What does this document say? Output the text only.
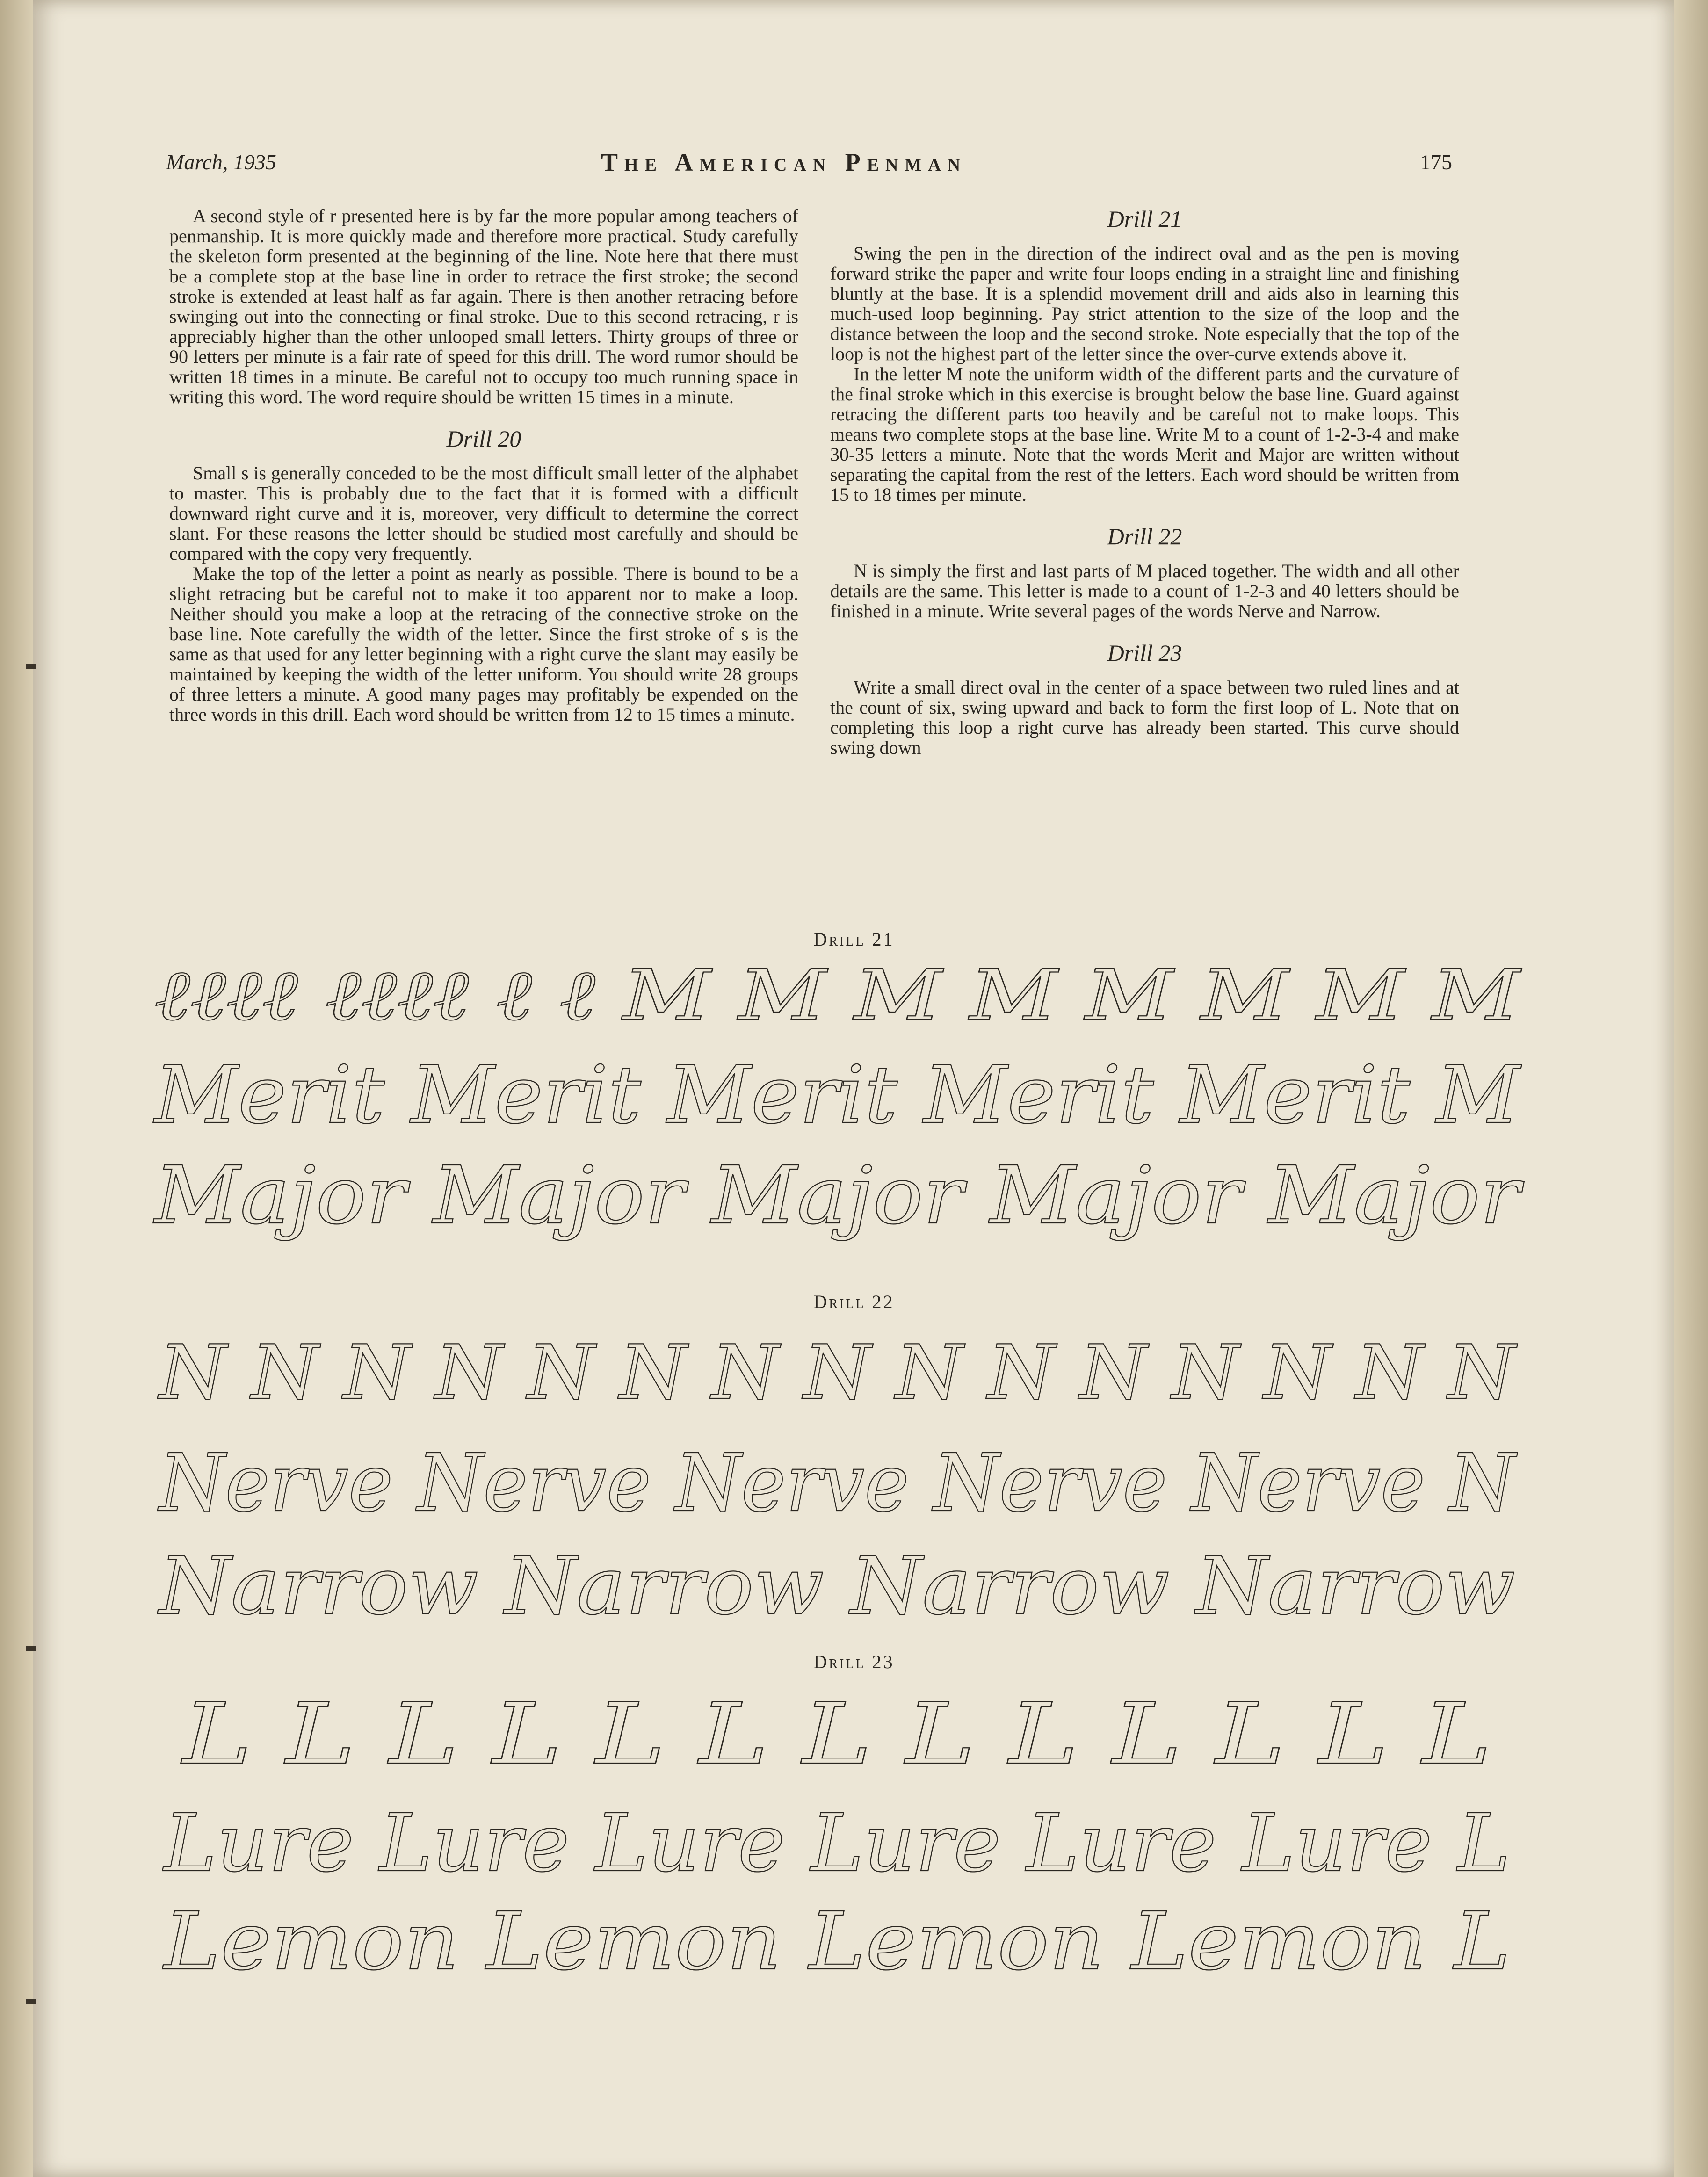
March, 1935	The American Penman	175

A second style of r presented here is by far the more popular among teachers of penmanship. It is more quickly made and therefore more practical. Study carefully the skeleton form presented at the beginning of the line. Note here that there must be a complete stop at the base line in order to retrace the first stroke; the second stroke is extended at least half as far again. There is then another retracing before swinging out into the connecting or final stroke. Due to this second retracing, r is appreciably higher than the other unlooped small letters. Thirty groups of three or 90 letters per minute is a fair rate of speed for this drill. The word rumor should be written 18 times in a minute. Be careful not to occupy too much running space in writing this word. The word require should be written 15 times in a minute.

Drill 20

Small s is generally conceded to be the most difficult small letter of the alphabet to master. This is probably due to the fact that it is formed with a difficult downward right curve and it is, moreover, very difficult to determine the correct slant. For these reasons the letter should be studied most carefully and should be compared with the copy very frequently.

Make the top of the letter a point as nearly as possible. There is bound to be a slight retracing but be careful not to make it too apparent nor to make a loop. Neither should you make a loop at the retracing of the connective stroke on the base line. Note carefully the width of the letter. Since the first stroke of s is the same as that used for any letter beginning with a right curve the slant may easily be maintained by keeping the width of the letter uniform. You should write 28 groups of three letters a minute. A good many pages may profitably be expended on the three words in this drill. Each word should be written from 12 to 15 times a minute.

Drill 21

Swing the pen in the direction of the indirect oval and as the pen is moving forward strike the paper and write four loops ending in a straight line and finishing bluntly at the base. It is a splendid movement drill and aids also in learning this much-used loop beginning. Pay strict attention to the size of the loop and the distance between the loop and the second stroke. Note especially that the top of the loop is not the highest part of the letter since the over-curve extends above it.

In the letter M note the uniform width of the different parts and the curvature of the final stroke which in this exercise is brought below the base line. Guard against retracing the different parts too heavily and be careful not to make loops. This means two complete stops at the base line. Write M to a count of 1-2-3-4 and make 30-35 letters a minute. Note that the words Merit and Major are written without separating the capital from the rest of the letters. Each word should be written from 15 to 18 times per minute.

Drill 22

N is simply the first and last parts of M placed together. The width and all other details are the same. This letter is made to a count of 1-2-3 and 40 letters should be finished in a minute. Write several pages of the words Nerve and Narrow.

Drill 23

Write a small direct oval in the center of a space between two ruled lines and at the count of six, swing upward and back to form the first loop of L. Note that on completing this loop a right curve has already been started. This curve should swing down

Drill 21
ℓℓℓℓ ℓℓℓℓ ℓ ℓ M M M M M M M M
Merit Merit Merit Merit Merit M
Major Major Major Major Major
Drill 22
N N N N N N N N N N N N N N N
Nerve Nerve Nerve Nerve Nerve N
Narrow Narrow Narrow Narrow
Drill 23
L L L L L L L L L L L L L
Lure Lure Lure Lure Lure Lure L
Lemon Lemon Lemon Lemon L
